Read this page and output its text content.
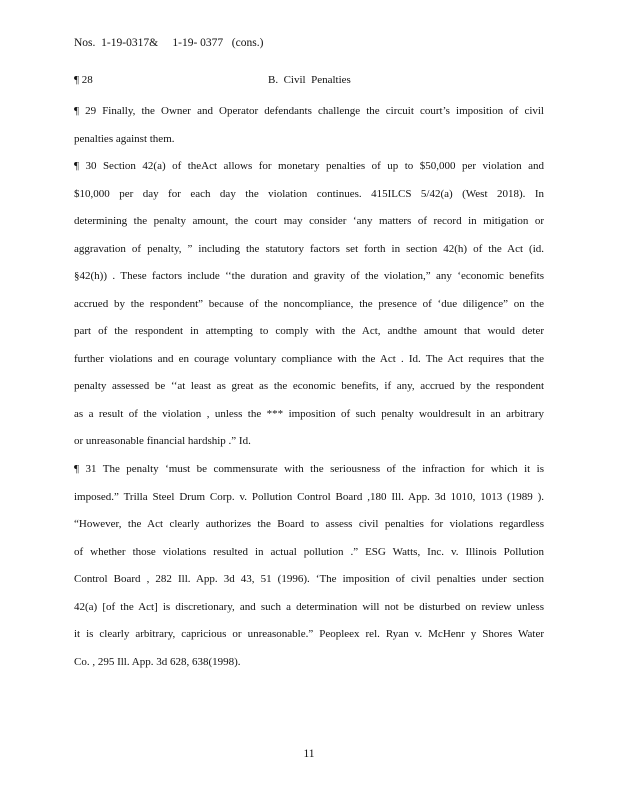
Nos.  1-19-0317&     1-19- 0377   (cons.)
¶ 28	B.  Civil  Penalties
¶ 29 Finally, the Owner and Operator defendants challenge the circuit court’s imposition of civil
penalties against them.
¶ 30 Section 42(a) of theAct allows for monetary penalties of up to $50,000 per violation and
$10,000 per day for each day the violation continues. 415ILCS 5/42(a) (West 2018). In
determining the penalty amount, the court may consider ‘any matters of record in mitigation or
aggravation of penalty, ” including the statutory factors set forth in section 42(h) of the Act (id.
§42(h)) . These factors include ‘‘the duration and gravity of the violation,” any ‘economic benefits
accrued by the respondent” because of the noncompliance, the presence of ‘due diligence” on the
part of the respondent in attempting to comply with the Act, andthe amount that would deter
further violations and en courage voluntary compliance with the Act . Id. The Act requires that the
penalty assessed be ‘‘at least as great as the economic benefits, if any, accrued by the respondent
as a result of the violation , unless the *** imposition of such penalty wouldresult in an arbitrary
or unreasonable financial hardship .” Id.
¶ 31 The penalty ‘must be commensurate with the seriousness of the infraction for which it is
imposed.” Trilla Steel Drum Corp. v. Pollution Control Board ,180 Ill. App. 3d 1010, 1013 (1989 ).
“However, the Act clearly authorizes the Board to assess civil penalties for violations regardless
of whether those violations resulted in actual pollution .” ESG Watts, Inc. v. Illinois Pollution
Control Board , 282 Ill. App. 3d 43, 51 (1996). ‘The imposition of civil penalties under section
42(a) [of the Act] is discretionary, and such a determination will not be disturbed on review unless
it is clearly arbitrary, capricious or unreasonable.” Peoplеex rel. Ryan v. McHenr y Shores Water
Co. , 295 Ill. App. 3d 628, 638(1998).
11
